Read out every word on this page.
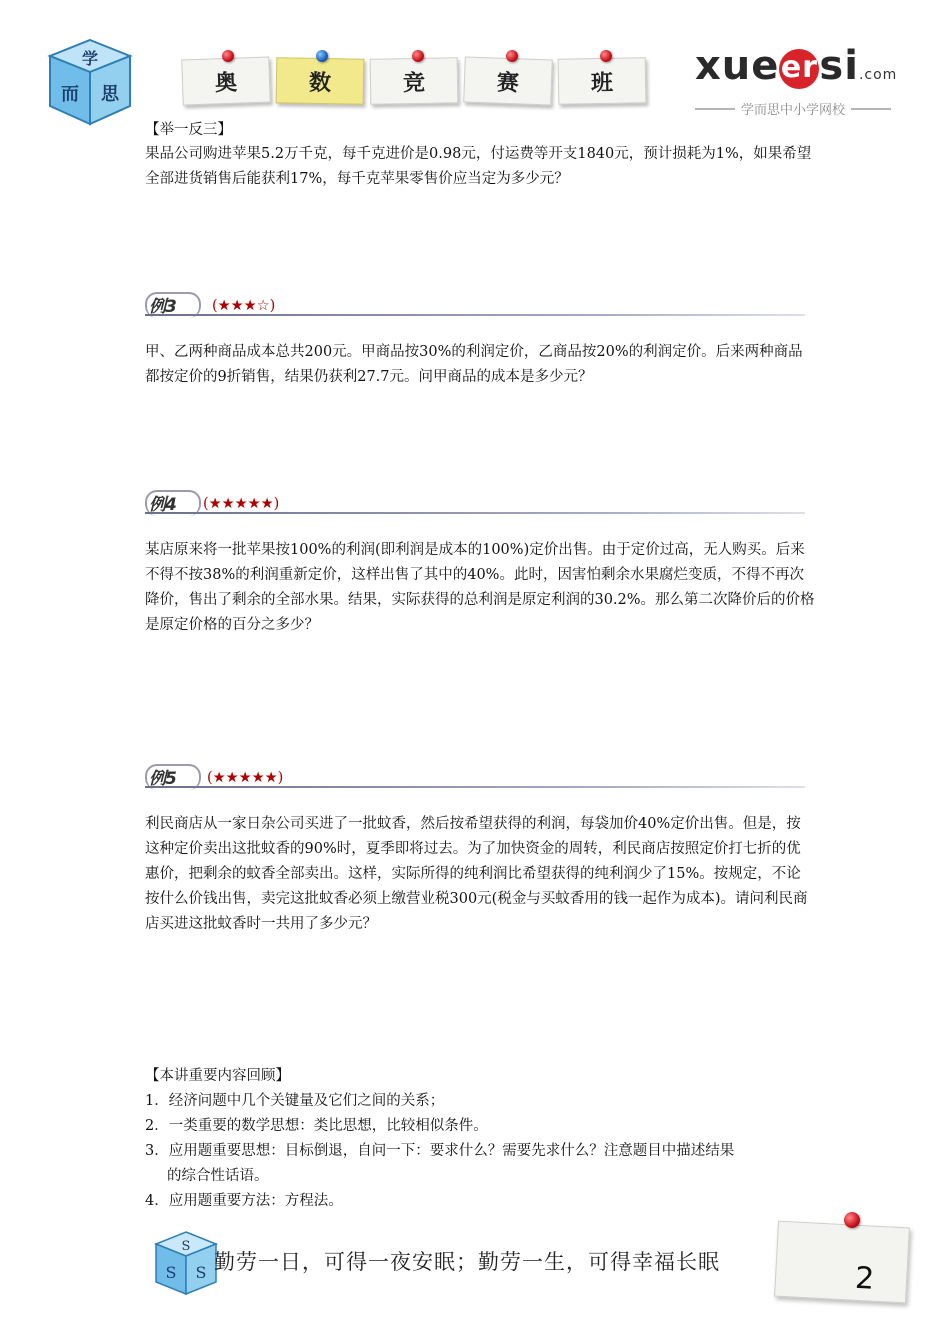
学
而 思	奥	数	竞	赛	班 xueersi.com
学而思中小学网校
【举一反三】

果品公司购进苹果5.2万千克，每千克进价是0.98元，付运费等开支1840元，预计损耗为1%，如果希望全部进货销售后能获利17%，每千克苹果零售价应当定为多少元？

例3 (★★★☆)

甲、乙两种商品成本总共200元。甲商品按30%的利润定价，乙商品按20%的利润定价。后来两种商品都按定价的9折销售，结果仍获利27.7元。问甲商品的成本是多少元？

例4 (★★★★★)

某店原来将一批苹果按100%的利润(即利润是成本的100%)定价出售。由于定价过高，无人购买。后来不得不按38%的利润重新定价，这样出售了其中的40%。此时，因害怕剩余水果腐烂变质，不得不再次降价，售出了剩余的全部水果。结果，实际获得的总利润是原定利润的30.2%。那么第二次降价后的价格是原定价格的百分之多少？

例5 (★★★★★)

利民商店从一家日杂公司买进了一批蚊香，然后按希望获得的利润，每袋加价40%定价出售。但是，按这种定价卖出这批蚊香的90%时，夏季即将过去。为了加快资金的周转，利民商店按照定价打七折的优惠价，把剩余的蚊香全部卖出。这样，实际所得的纯利润比希望获得的纯利润少了15%。按规定，不论按什么价钱出售，卖完这批蚊香必须上缴营业税300元(税金与买蚊香用的钱一起作为成本)。请问利民商店买进这批蚊香时一共用了多少元？

【本讲重要内容回顾】
1．经济问题中几个关键量及它们之间的关系；
2．一类重要的数学思想：类比思想，比较相似条件。
3．应用题重要思想：目标倒退，自问一下：要求什么？需要先求什么？注意题目中描述结果
的综合性话语。
4．应用题重要方法：方程法。
S
S S 勤劳一日，可得一夜安眠；勤劳一生，可得幸福长眠	2
